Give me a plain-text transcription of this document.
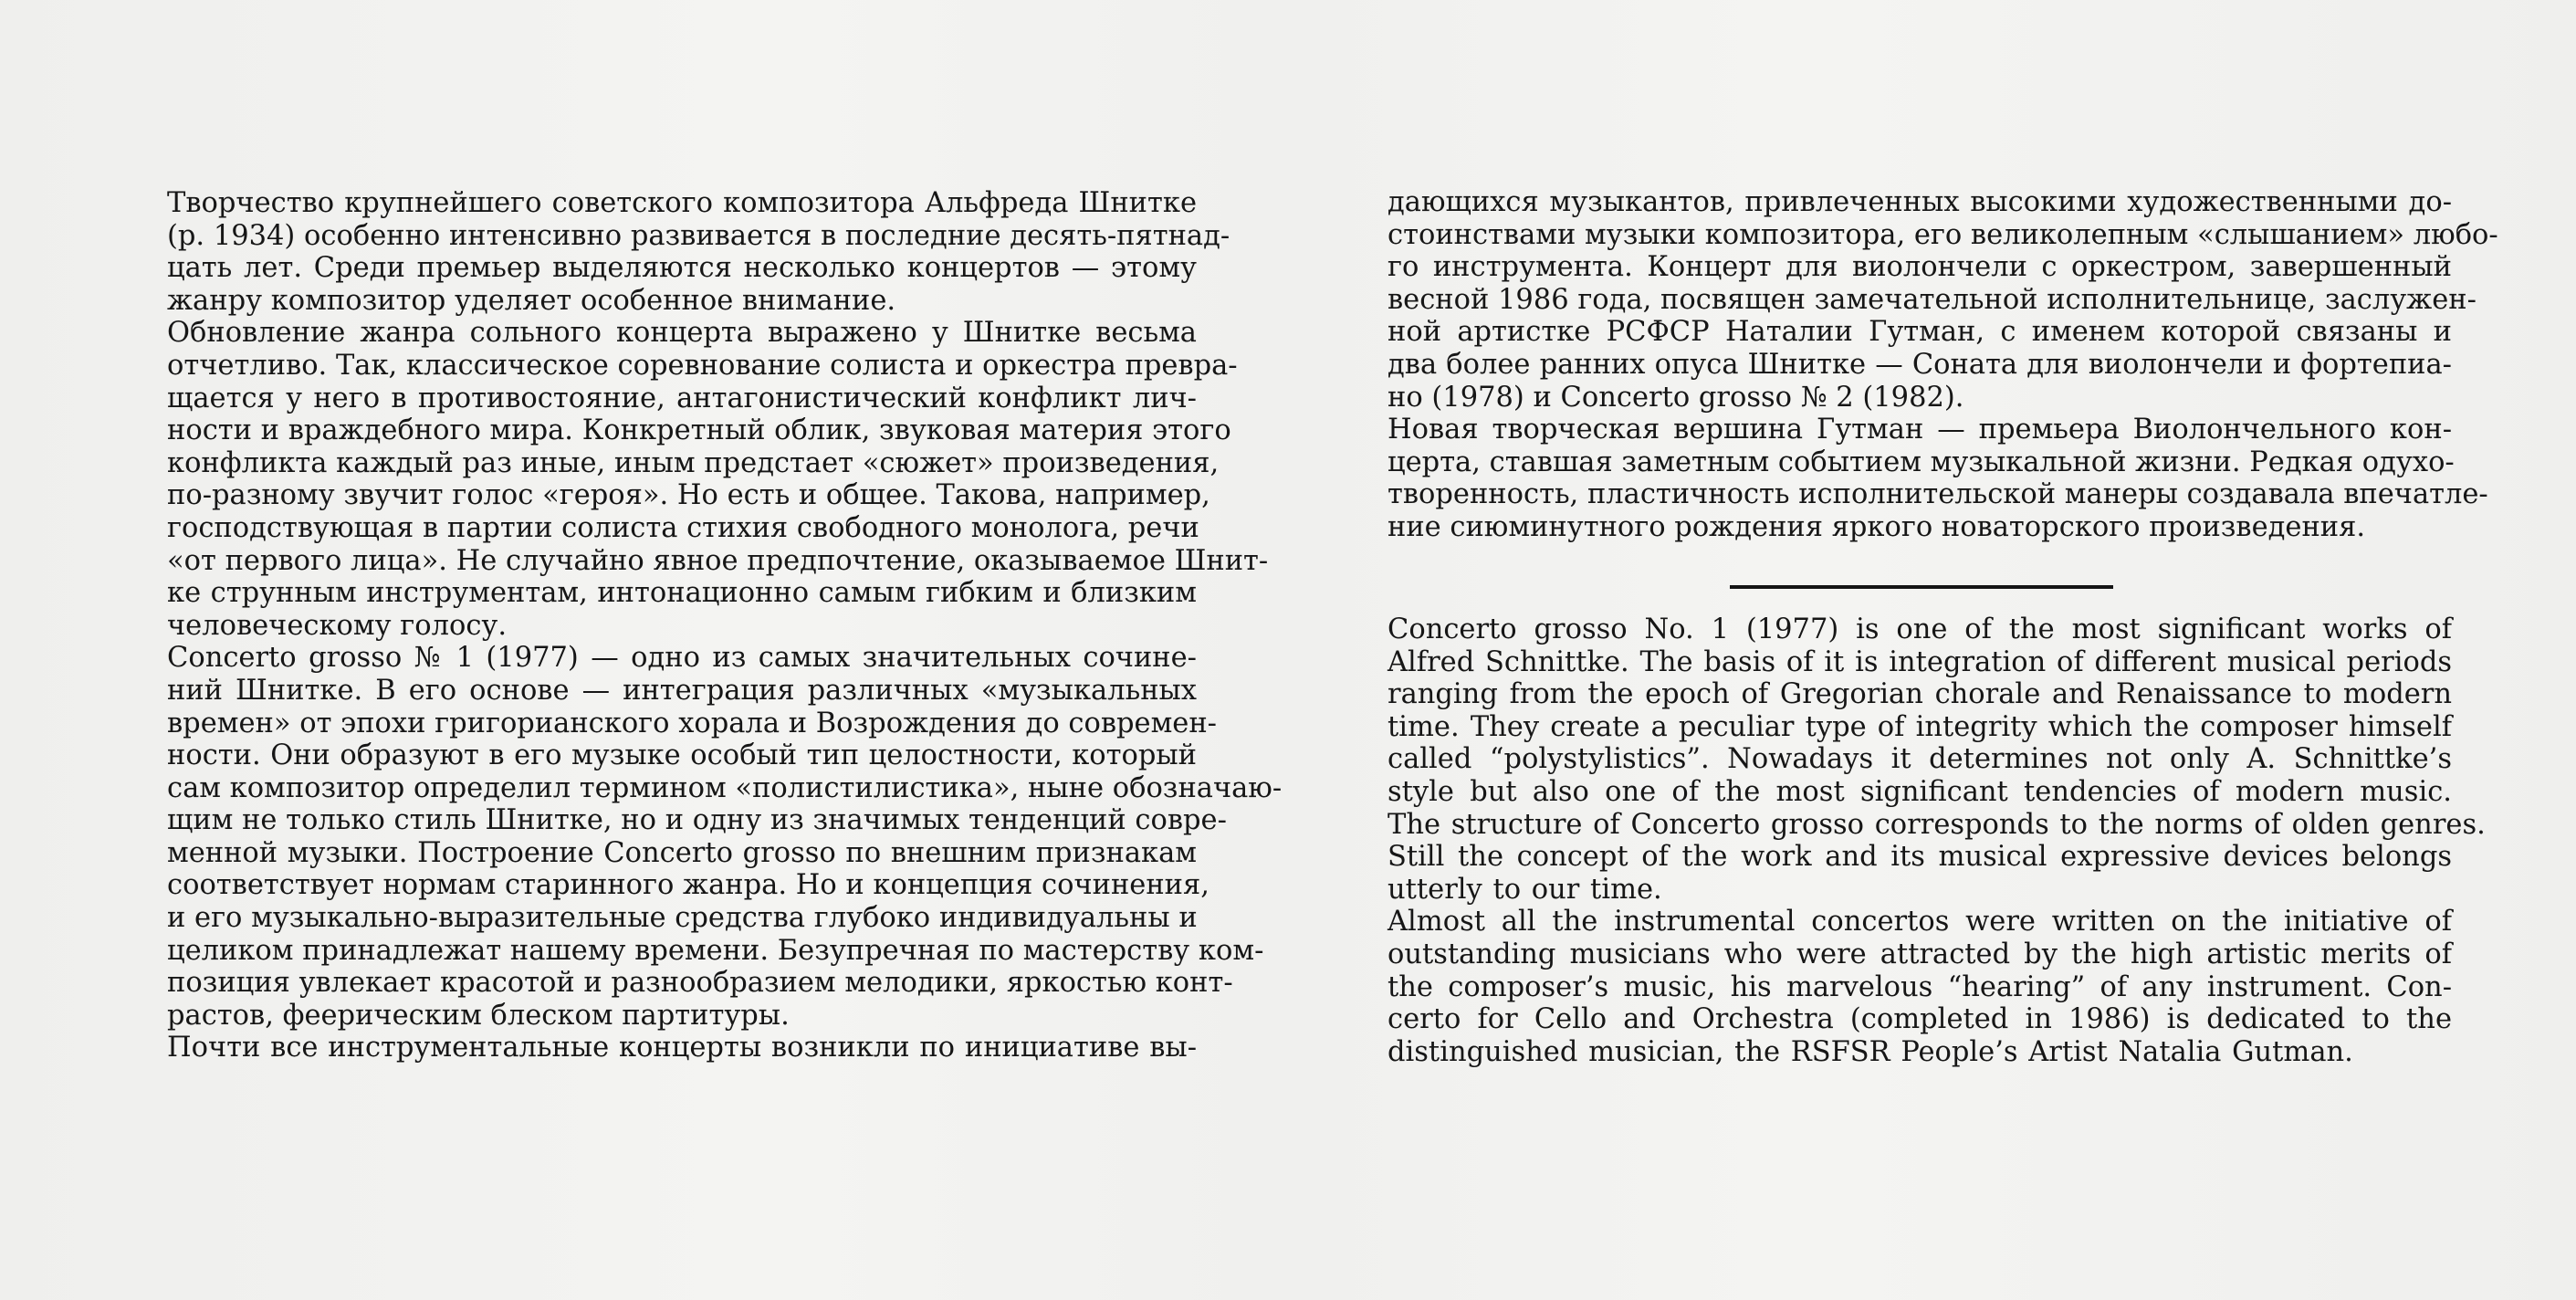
Творчество крупнейшего советского композитора Альфреда Шнитке
(р. 1934) особенно интенсивно развивается в последние десять-пятнад-
цать лет. Среди премьер выделяются несколько концертов — этому
жанру композитор уделяет особенное внимание.

Обновление жанра сольного концерта выражено у Шнитке весьма
отчетливо. Так, классическое соревнование солиста и оркестра превра-
щается у него в противостояние, антагонистический конфликт лич-
ности и враждебного мира. Конкретный облик, звуковая материя этого
конфликта каждый раз иные, иным предстает «сюжет» произведения,
по-разному звучит голос «героя». Но есть и общее. Такова, например,
господствующая в партии солиста стихия свободного монолога, речи
«от первого лица». Не случайно явное предпочтение, оказываемое Шнит-
ке струнным инструментам, интонационно самым гибким и близким
человеческому голосу.

Concerto grosso № 1 (1977) — одно из самых значительных сочине-
ний Шнитке. В его основе — интеграция различных «музыкальных
времен» от эпохи григорианского хорала и Возрождения до современ-
ности. Они образуют в его музыке особый тип целостности, который
сам композитор определил термином «полистилистика», ныне обозначаю-
щим не только стиль Шнитке, но и одну из значимых тенденций совре-
менной музыки. Построение Concerto grosso по внешним признакам
соответствует нормам старинного жанра. Но и концепция сочинения,
и его музыкально-выразительные средства глубоко индивидуальны и
целиком принадлежат нашему времени. Безупречная по мастерству ком-
позиция увлекает красотой и разнообразием мелодики, яркостью конт-
растов, феерическим блеском партитуры.

Почти все инструментальные концерты возникли по инициативе вы-

дающихся музыкантов, привлеченных высокими художественными до-
стоинствами музыки композитора, его великолепным «слышанием» любо-
го инструмента. Концерт для виолончели с оркестром, завершенный
весной 1986 года, посвящен замечательной исполнительнице, заслужен-
ной артистке РСФСР Наталии Гутман, с именем которой связаны и
два более ранних опуса Шнитке — Соната для виолончели и фортепиа-
но (1978) и Concerto grosso № 2 (1982).

Новая творческая вершина Гутман — премьера Виолончельного кон-
церта, ставшая заметным событием музыкальной жизни. Редкая одухо-
творенность, пластичность исполнительской манеры создавала впечатле-
ние сиюминутного рождения яркого новаторского произведения.

Concerto grosso No. 1 (1977) is one of the most significant works of
Alfred Schnittke. The basis of it is integration of different musical periods
ranging from the epoch of Gregorian chorale and Renaissance to modern
time. They create a peculiar type of integrity which the composer himself
called “polystylistics”. Nowadays it determines not only A. Schnittke’s
style but also one of the most significant tendencies of modern music.
The structure of Concerto grosso corresponds to the norms of olden genres.
Still the concept of the work and its musical expressive devices belongs
utterly to our time.

Almost all the instrumental concertos were written on the initiative of
outstanding musicians who were attracted by the high artistic merits of
the composer’s music, his marvelous “hearing” of any instrument. Con-
certo for Cello and Orchestra (completed in 1986) is dedicated to the
distinguished musician, the RSFSR People’s Artist Natalia Gutman.
